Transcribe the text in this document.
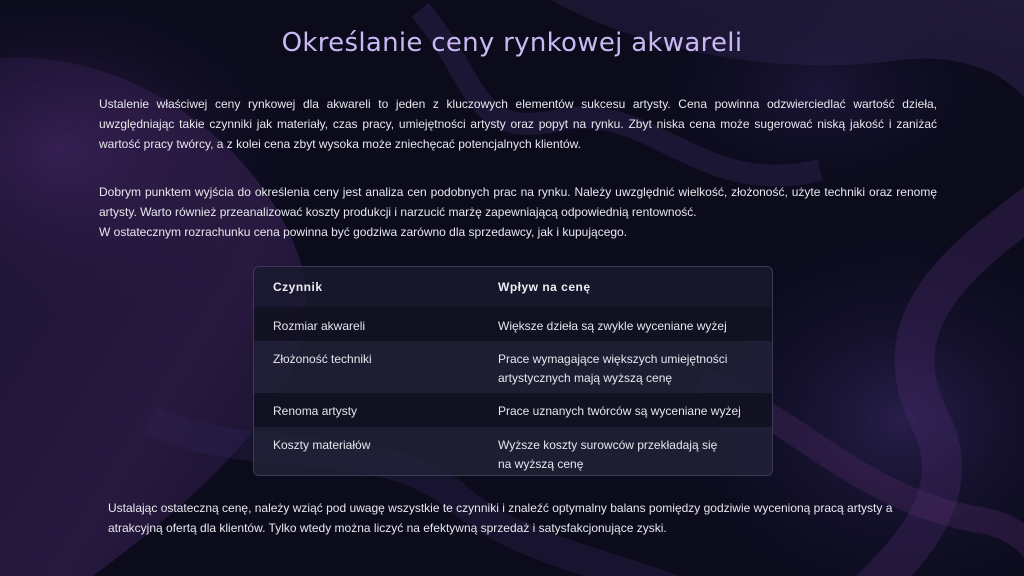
Określanie ceny rynkowej akwareli

Ustalenie właściwej ceny rynkowej dla akwareli to jeden z kluczowych elementów sukcesu artysty. Cena powinna odzwierciedlać wartość dzieła, uwzględniając takie czynniki jak materiały, czas pracy, umiejętności artysty oraz popyt na rynku. Zbyt niska cena może sugerować niską jakość i zaniżać wartość pracy twórcy, a z kolei cena zbyt wysoka może zniechęcać potencjalnych klientów.

Dobrym punktem wyjścia do określenia ceny jest analiza cen podobnych prac na rynku. Należy uwzględnić wielkość, złożoność, użyte techniki oraz renomę artysty. Warto również przeanalizować koszty produkcji i narzucić marżę zapewniającą odpowiednią rentowność.
W ostatecznym rozrachunku cena powinna być godziwa zarówno dla sprzedawcy, jak i kupującego.
Czynnik	Wpływ na cenę
Rozmiar akwareli	Większe dzieła są zwykle wyceniane wyżej
Złożoność techniki	Prace wymagające większych umiejętności artystycznych mają wyższą cenę
Renoma artysty	Prace uznanych twórców są wyceniane wyżej
Koszty materiałów	Wyższe koszty surowców przekładają się na wyższą cenę

Ustalając ostateczną cenę, należy wziąć pod uwagę wszystkie te czynniki i znaleźć optymalny balans pomiędzy godziwie wycenioną pracą artysty a atrakcyjną ofertą dla klientów. Tylko wtedy można liczyć na efektywną sprzedaż i satysfakcjonujące zyski.
